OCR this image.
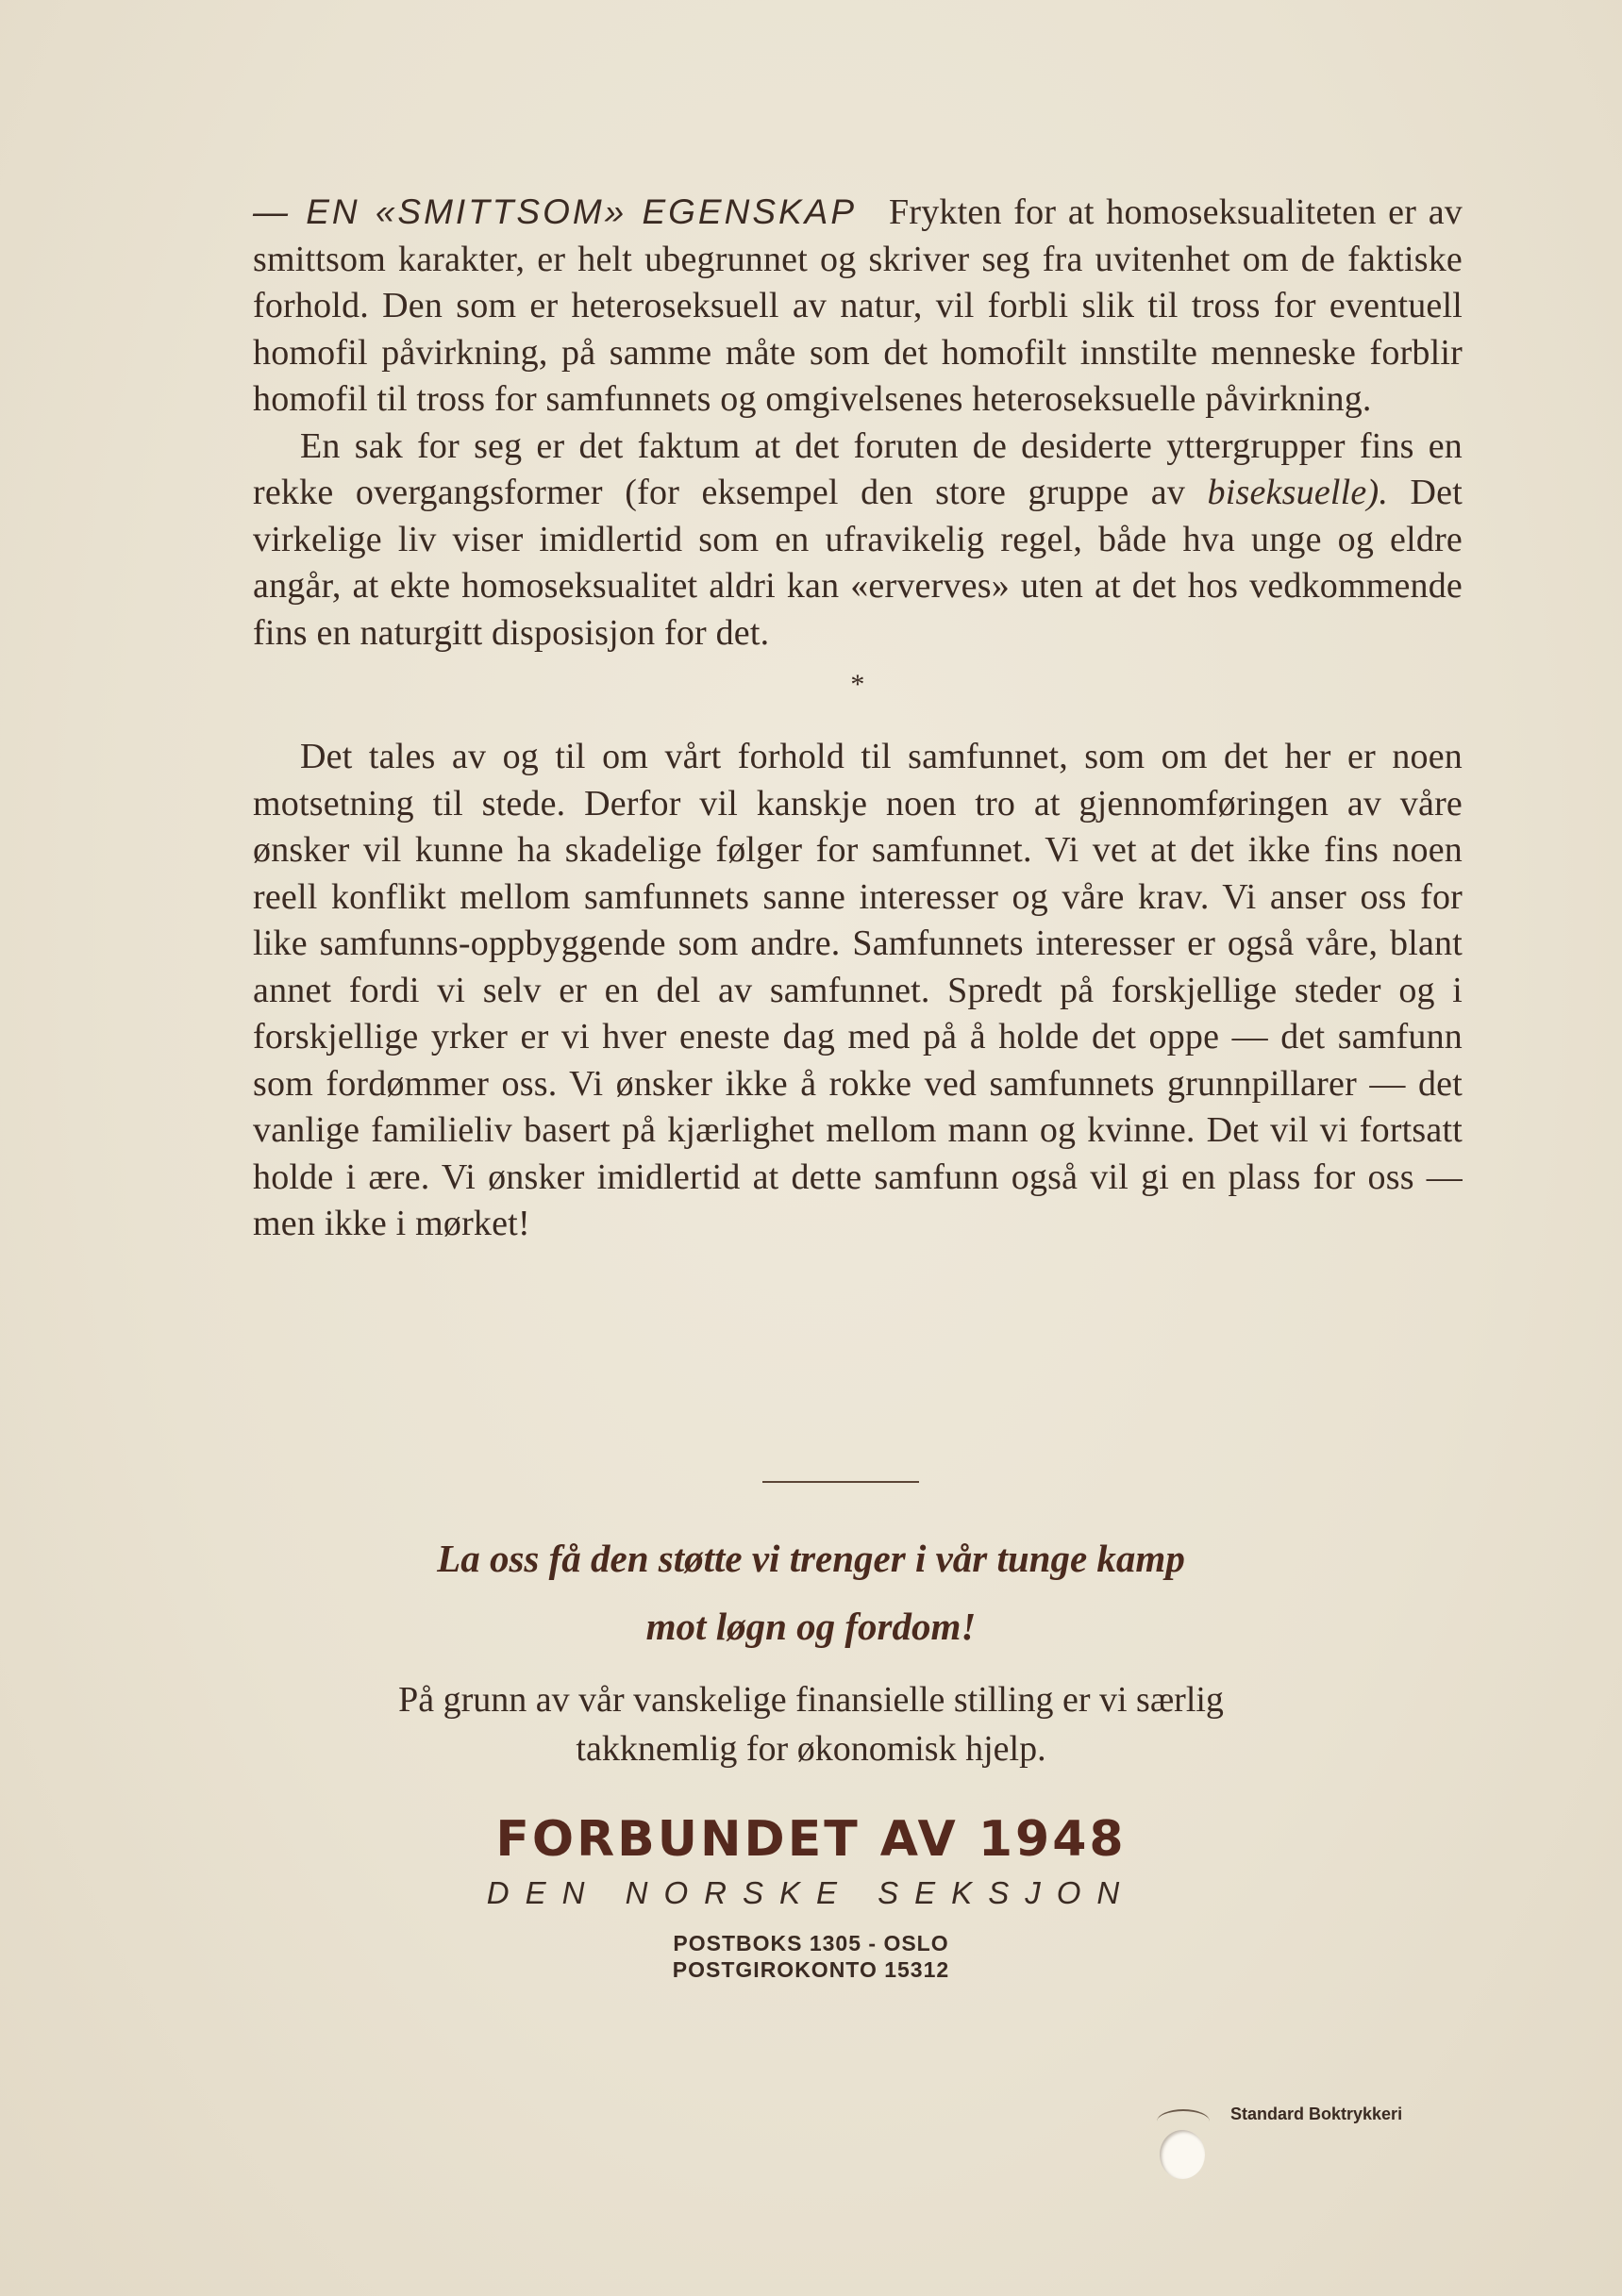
— EN «SMITTSOM» EGENSKAP Frykten for at homoseksualiteten er av smittsom karakter, er helt ubegrunnet og skriver seg fra uvitenhet om de faktiske forhold. Den som er heteroseksuell av natur, vil forbli slik til tross for eventuell homofil påvirkning, på samme måte som det homofilt innstilte menneske forblir homofil til tross for samfunnets og omgivelsenes heteroseksuelle påvirkning.

En sak for seg er det faktum at det foruten de desiderte yttergrupper fins en rekke overgangsformer (for eksempel den store gruppe av biseksuelle). Det virkelige liv viser imidlertid som en ufravikelig regel, både hva unge og eldre angår, at ekte homoseksualitet aldri kan «erverves» uten at det hos vedkommende fins en naturgitt disposisjon for det.

*

Det tales av og til om vårt forhold til samfunnet, som om det her er noen motsetning til stede. Derfor vil kanskje noen tro at gjennomføringen av våre ønsker vil kunne ha skadelige følger for samfunnet. Vi vet at det ikke fins noen reell konflikt mellom samfunnets sanne interesser og våre krav. Vi anser oss for like samfunns-oppbyggende som andre. Samfunnets interesser er også våre, blant annet fordi vi selv er en del av samfunnet. Spredt på forskjellige steder og i forskjellige yrker er vi hver eneste dag med på å holde det oppe — det samfunn som fordømmer oss. Vi ønsker ikke å rokke ved samfunnets grunnpillarer — det vanlige familieliv basert på kjærlighet mellom mann og kvinne. Det vil vi fortsatt holde i ære. Vi ønsker imidlertid at dette samfunn også vil gi en plass for oss — men ikke i mørket!

La oss få den støtte vi trenger i vår tunge kamp
mot løgn og fordom!
På grunn av vår vanskelige finansielle stilling er vi særlig
takknemlig for økonomisk hjelp.
FORBUNDET AV 1948
DEN NORSKE SEKSJON
POSTBOKS 1305 - OSLO
POSTGIROKONTO 15312
Standard Boktrykkeri
